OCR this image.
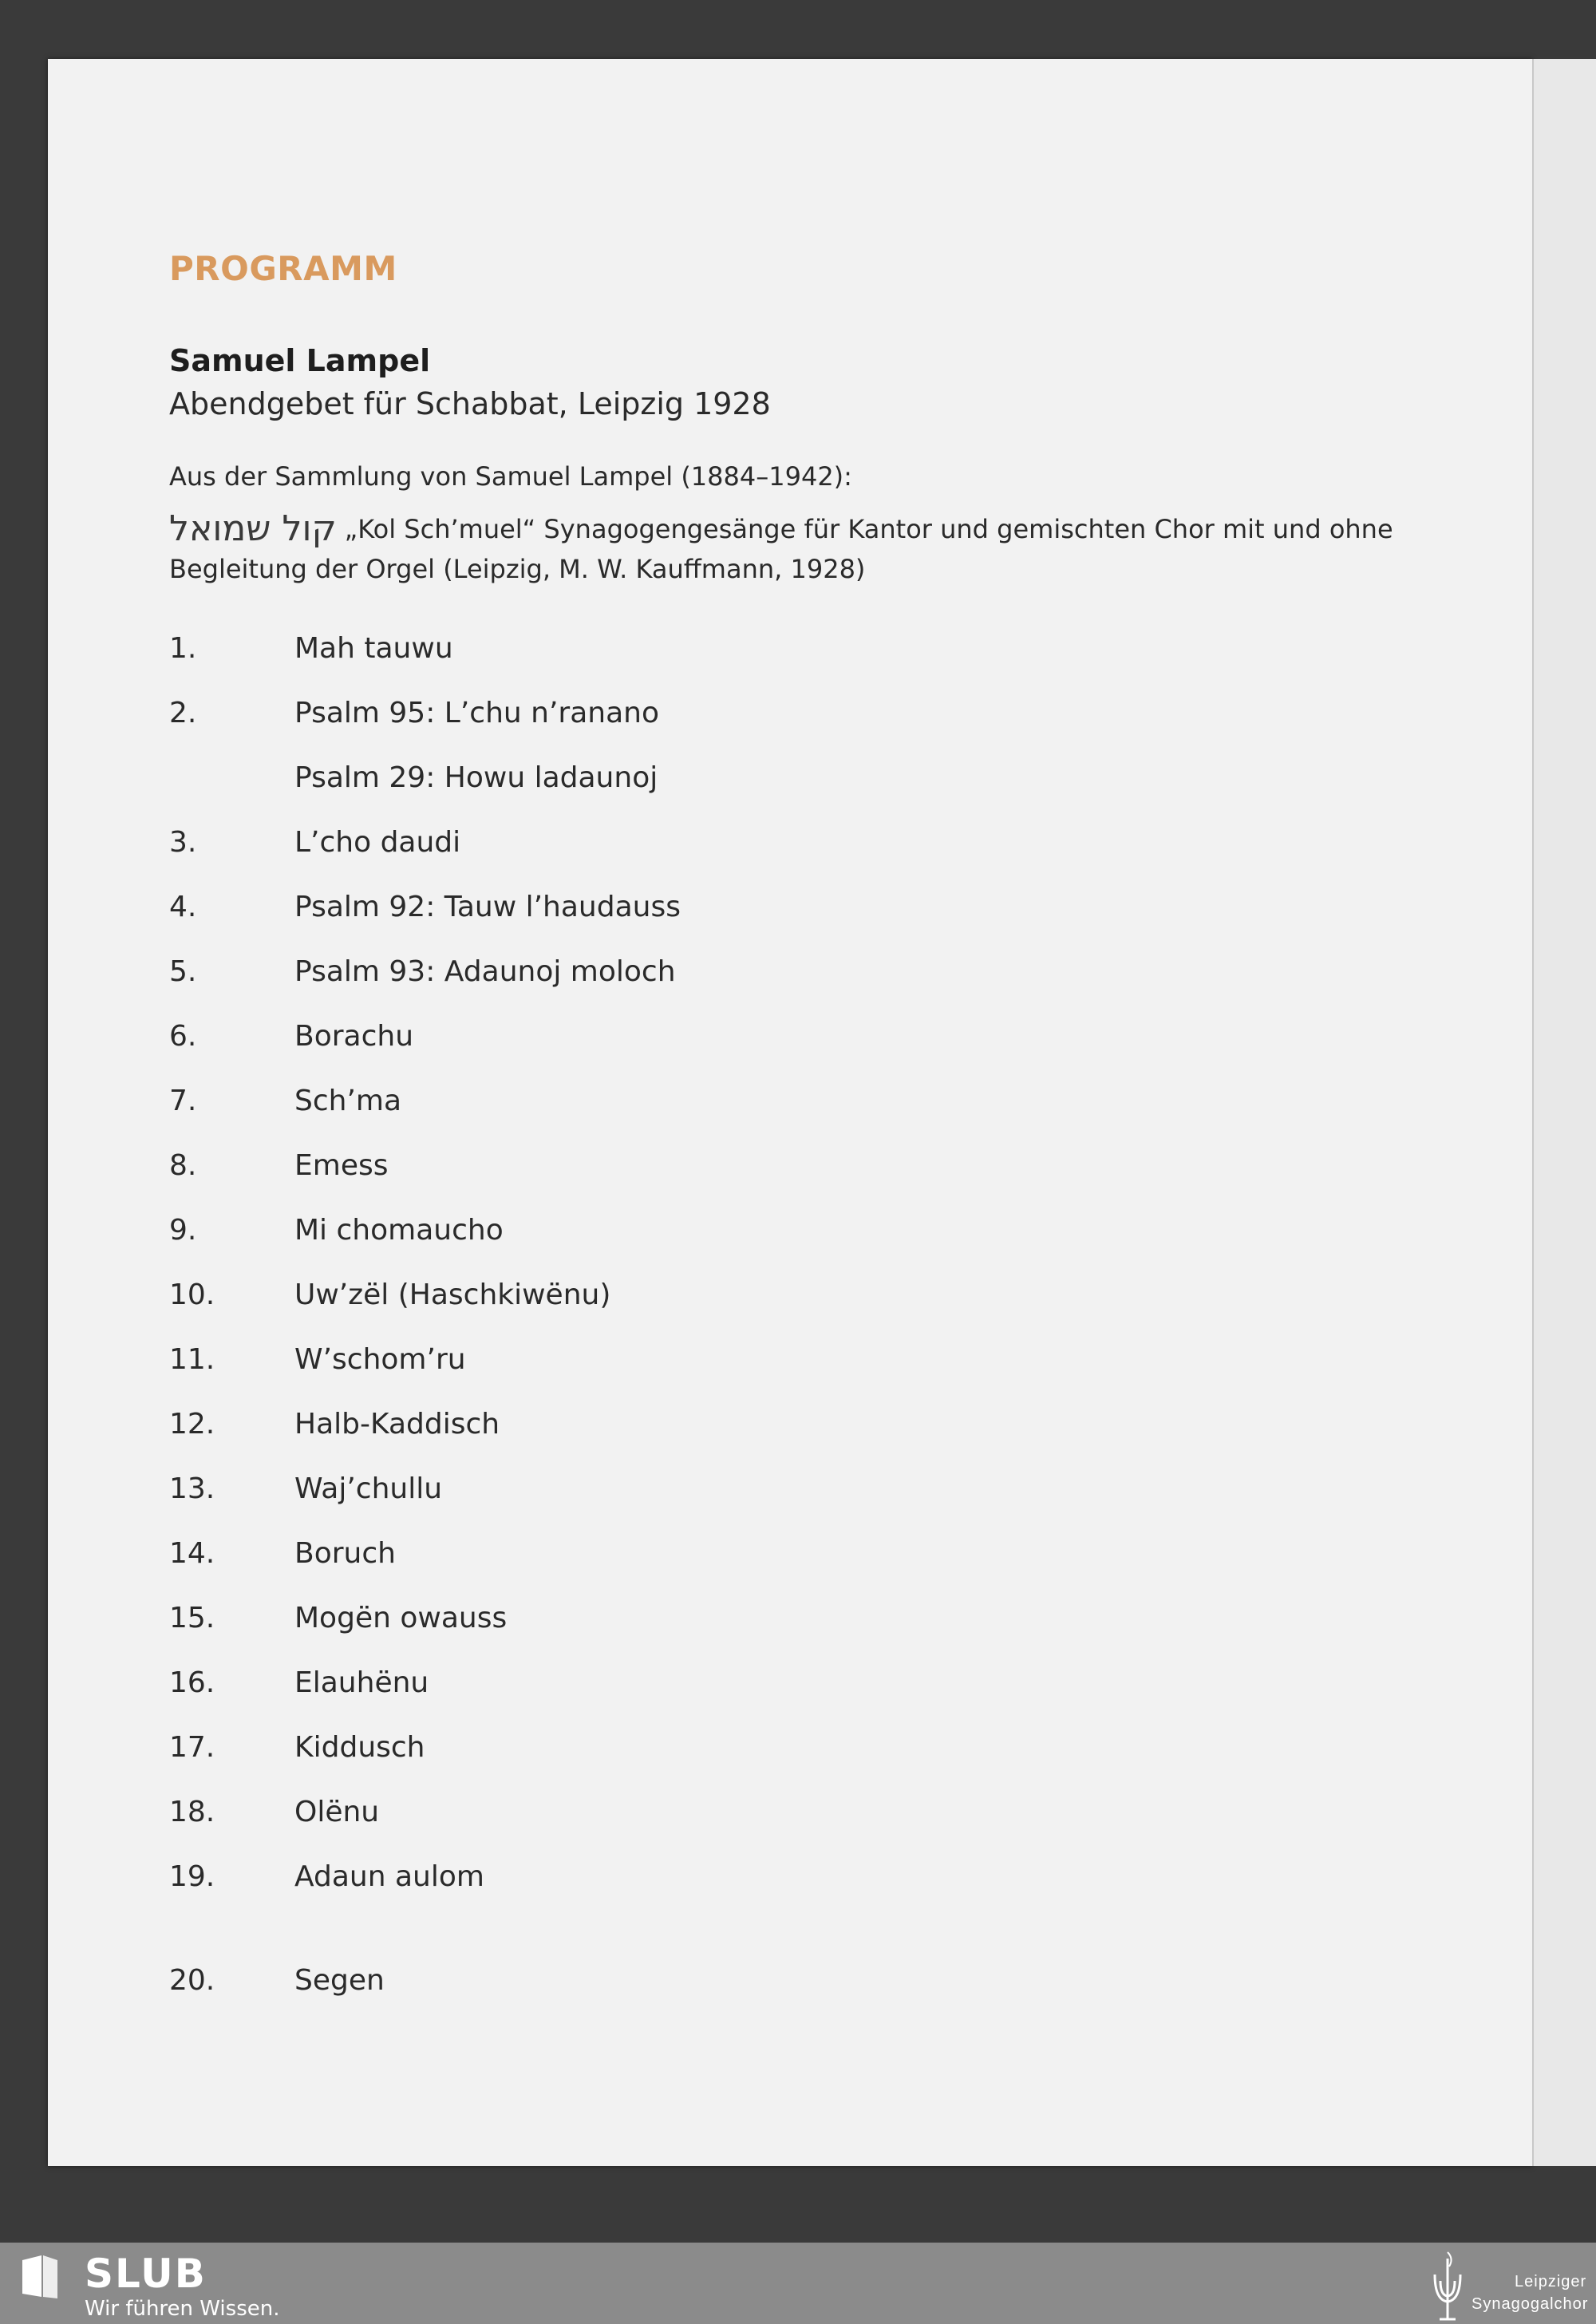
PROGRAMM
Samuel Lampel
Abendgebet für Schabbat, Leipzig 1928
Aus der Sammlung von Samuel Lampel (1884–1942):
קול שמואל „Kol Sch’muel“ Synagogengesänge für Kantor und gemischten Chor mit und ohne
Begleitung der Orgel (Leipzig, M. W. Kauffmann, 1928)
1.	Mah tauwu
2.	Psalm 95: L’chu n’ranano
Psalm 29: Howu ladaunoj
3.	L’cho daudi
4.	Psalm 92: Tauw l’haudauss
5.	Psalm 93: Adaunoj moloch
6.	Borachu
7.	Sch’ma
8.	Emess
9.	Mi chomaucho
10.	Uw’zël (Haschkiwënu)
11.	W’schom’ru
12.	Halb-Kaddisch
13.	Waj’chullu
14.	Boruch
15.	Mogën owauss
16.	Elauhënu
17.	Kiddusch
18.	Olënu
19.	Adaun aulom
20.	Segen
SLUB
Wir führen Wissen.
Leipziger
Synagogalchor
